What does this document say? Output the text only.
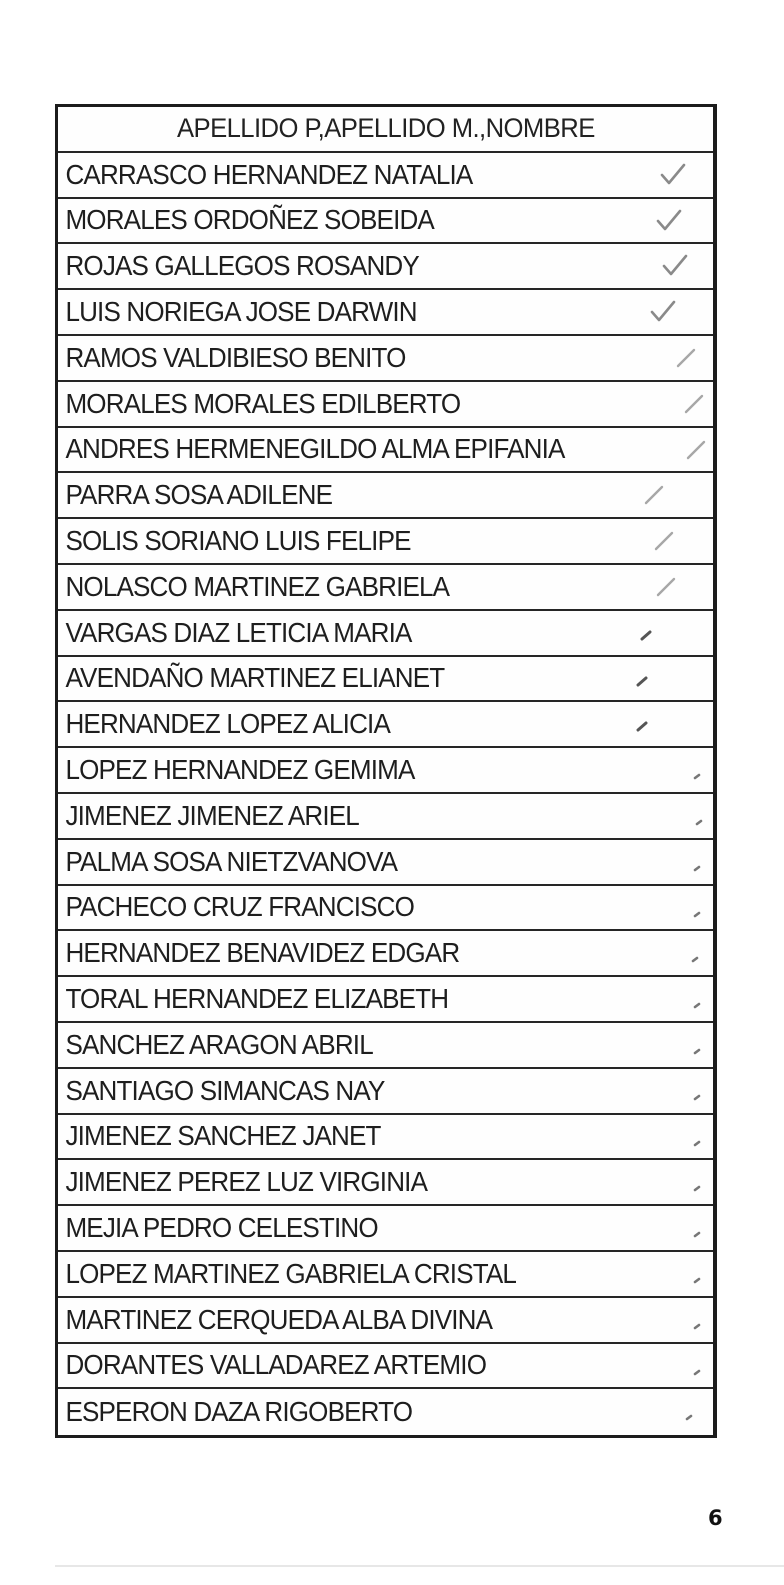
APELLIDO P,APELLIDO M.,NOMBRE
CARRASCO HERNANDEZ NATALIA
MORALES ORDOÑEZ SOBEIDA
ROJAS GALLEGOS ROSANDY
LUIS NORIEGA JOSE DARWIN
RAMOS VALDIBIESO BENITO
MORALES MORALES EDILBERTO
ANDRES HERMENEGILDO ALMA EPIFANIA
PARRA SOSA ADILENE
SOLIS SORIANO LUIS FELIPE
NOLASCO MARTINEZ GABRIELA
VARGAS DIAZ LETICIA MARIA
AVENDAÑO MARTINEZ ELIANET
HERNANDEZ LOPEZ ALICIA
LOPEZ HERNANDEZ GEMIMA
JIMENEZ JIMENEZ ARIEL
PALMA SOSA NIETZVANOVA
PACHECO CRUZ FRANCISCO
HERNANDEZ BENAVIDEZ EDGAR
TORAL HERNANDEZ ELIZABETH
SANCHEZ ARAGON ABRIL
SANTIAGO SIMANCAS NAY
JIMENEZ SANCHEZ JANET
JIMENEZ PEREZ LUZ VIRGINIA
MEJIA PEDRO CELESTINO
LOPEZ MARTINEZ GABRIELA CRISTAL
MARTINEZ CERQUEDA ALBA DIVINA
DORANTES VALLADAREZ ARTEMIO
ESPERON DAZA RIGOBERTO
6
